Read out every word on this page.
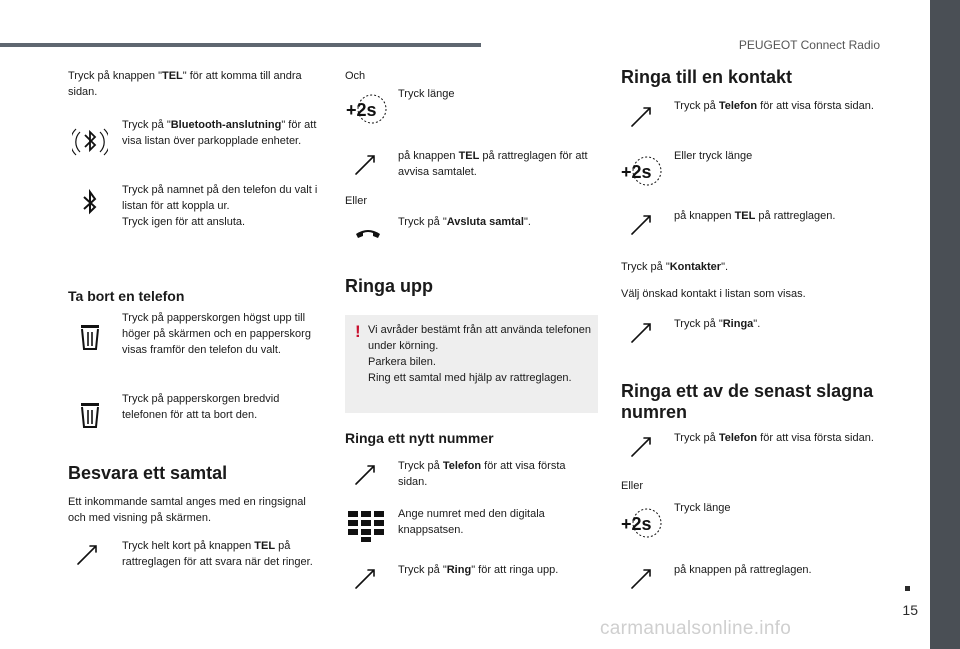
PEUGEOT Connect Radio
15
carmanualsonline.info
Tryck på knappen "TEL" för att komma till andra sidan.
Tryck på "Bluetooth-anslutning" för att visa listan över parkopplade enheter.
Tryck på namnet på den telefon du valt i listan för att koppla ur.
Tryck igen för att ansluta.
Ta bort en telefon
Tryck på papperskorgen högst upp till höger på skärmen och en papperskorg visas framför den telefon du valt.
Tryck på papperskorgen bredvid telefonen för att ta bort den.
Besvara ett samtal
Ett inkommande samtal anges med en ringsignal och med visning på skärmen.
Tryck helt kort på knappen TEL på rattreglagen för att svara när det ringer.
Och
+2s
Tryck länge
på knappen TEL på rattreglagen för att avvisa samtalet.
Eller
Tryck på "Avsluta samtal".
Ringa upp
! Vi avråder bestämt från att använda telefonen under körning.
Parkera bilen.
Ring ett samtal med hjälp av rattreglagen.
Ringa ett nytt nummer
Tryck på Telefon för att visa första sidan.
Ange numret med den digitala knappsatsen.
Tryck på "Ring" för att ringa upp.
Ringa till en kontakt
Tryck på Telefon för att visa första sidan.
+2s
Eller tryck länge
på knappen TEL på rattreglagen.
Tryck på "Kontakter".
Välj önskad kontakt i listan som visas.
Tryck på "Ringa".
Ringa ett av de senast slagna numren
Tryck på Telefon för att visa första sidan.
Eller
+2s
Tryck länge
på knappen på rattreglagen.
